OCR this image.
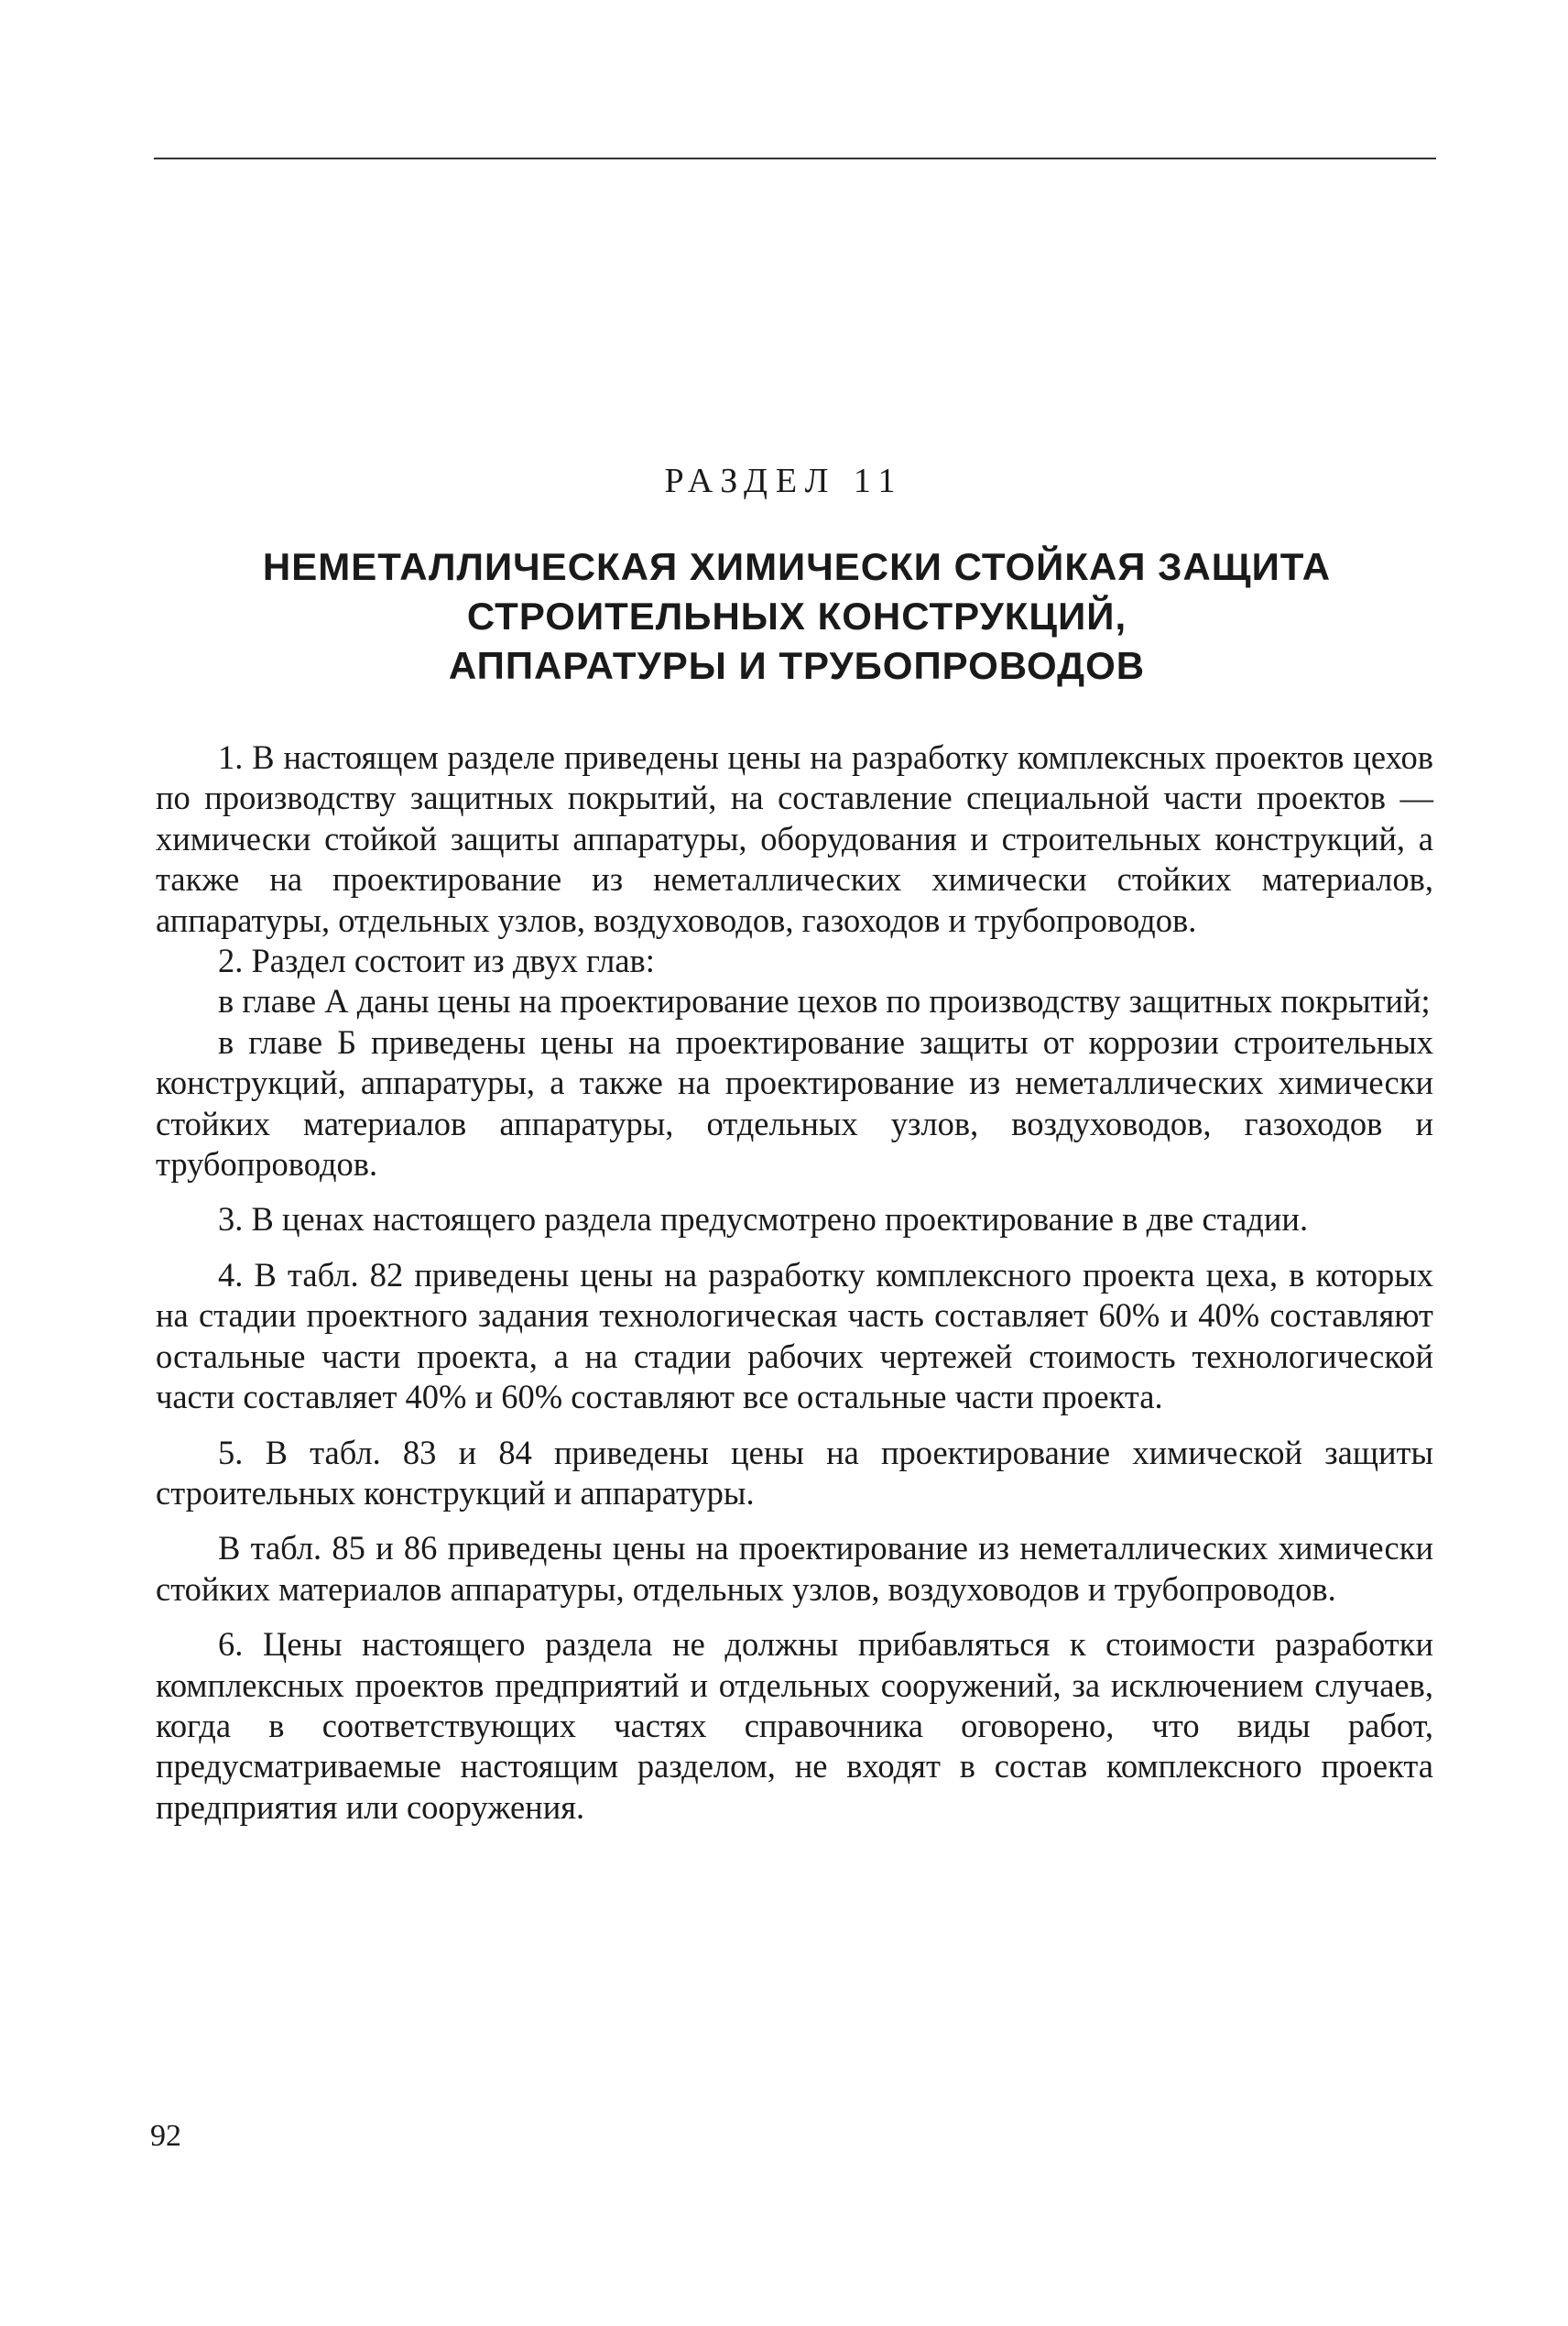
РАЗДЕЛ 11
НЕМЕТАЛЛИЧЕСКАЯ ХИМИЧЕСКИ СТОЙКАЯ ЗАЩИТА
СТРОИТЕЛЬНЫХ КОНСТРУКЦИЙ,
АППАРАТУРЫ И ТРУБОПРОВОДОВ

1. В настоящем разделе приведены цены на разработку комплексных проектов цехов по производству защитных покрытий, на составление специальной части проектов — химически стойкой защиты аппаратуры, оборудования и строительных конструкций, а также на проектирование из неметаллических химически стойких материалов, аппаратуры, отдельных узлов, воздуховодов, газоходов и трубопроводов.

2. Раздел состоит из двух глав:

в главе А даны цены на проектирование цехов по производству защитных покрытий;

в главе Б приведены цены на проектирование защиты от коррозии строительных конструкций, аппаратуры, а также на проектирование из неметаллических химически стойких материалов аппаратуры, отдельных узлов, воздуховодов, газоходов и трубопроводов.

3. В ценах настоящего раздела предусмотрено проектирование в две стадии.

4. В табл. 82 приведены цены на разработку комплексного проекта цеха, в которых на стадии проектного задания технологическая часть составляет 60% и 40% составляют остальные части проекта, а на стадии рабочих чертежей стоимость технологической части составляет 40% и 60% составляют все остальные части проекта.

5. В табл. 83 и 84 приведены цены на проектирование химической защиты строительных конструкций и аппаратуры.

В табл. 85 и 86 приведены цены на проектирование из неметаллических химически стойких материалов аппаратуры, отдельных узлов, воздуховодов и трубопроводов.

6. Цены настоящего раздела не должны прибавляться к стоимости разработки комплексных проектов предприятий и отдельных сооружений, за исключением случаев, когда в соответствующих частях справочника оговорено, что виды работ, предусматриваемые настоящим разделом, не входят в состав комплексного проекта предприятия или сооружения.

92
